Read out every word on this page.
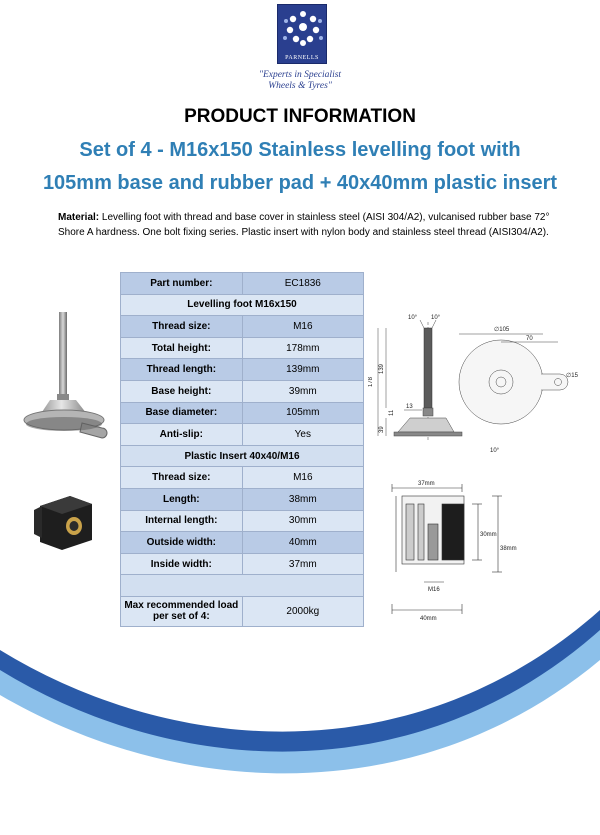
PARNELLS
"Experts in Specialist
Wheels & Tyres"
PRODUCT INFORMATION
Set of 4 - M16x150 Stainless levelling foot with
105mm base and rubber pad + 40x40mm plastic insert
Material: Levelling foot with thread and base cover in stainless steel (AISI 304/A2), vulcanised rubber base 72° Shore A hardness. One bolt fixing series. Plastic insert with nylon body and stainless steel thread (AISI304/A2).
Part number:	EC1836
Levelling foot M16x150	
Thread size:	M16
Total height:	178mm
Thread length:	139mm
Base height:	39mm
Base diameter:	105mm
Anti-slip:	Yes
Plastic Insert 40x40/M16	
Thread size:	M16
Length:	38mm
Internal length:	30mm
Outside width:	40mm
Inside width:	37mm

Max recommended load
per set of 4:	2000kg
10° 10°
178
139
13
39
11
10°
∅105
70
∅15
37mm
30mm
38mm
M16
40mm
